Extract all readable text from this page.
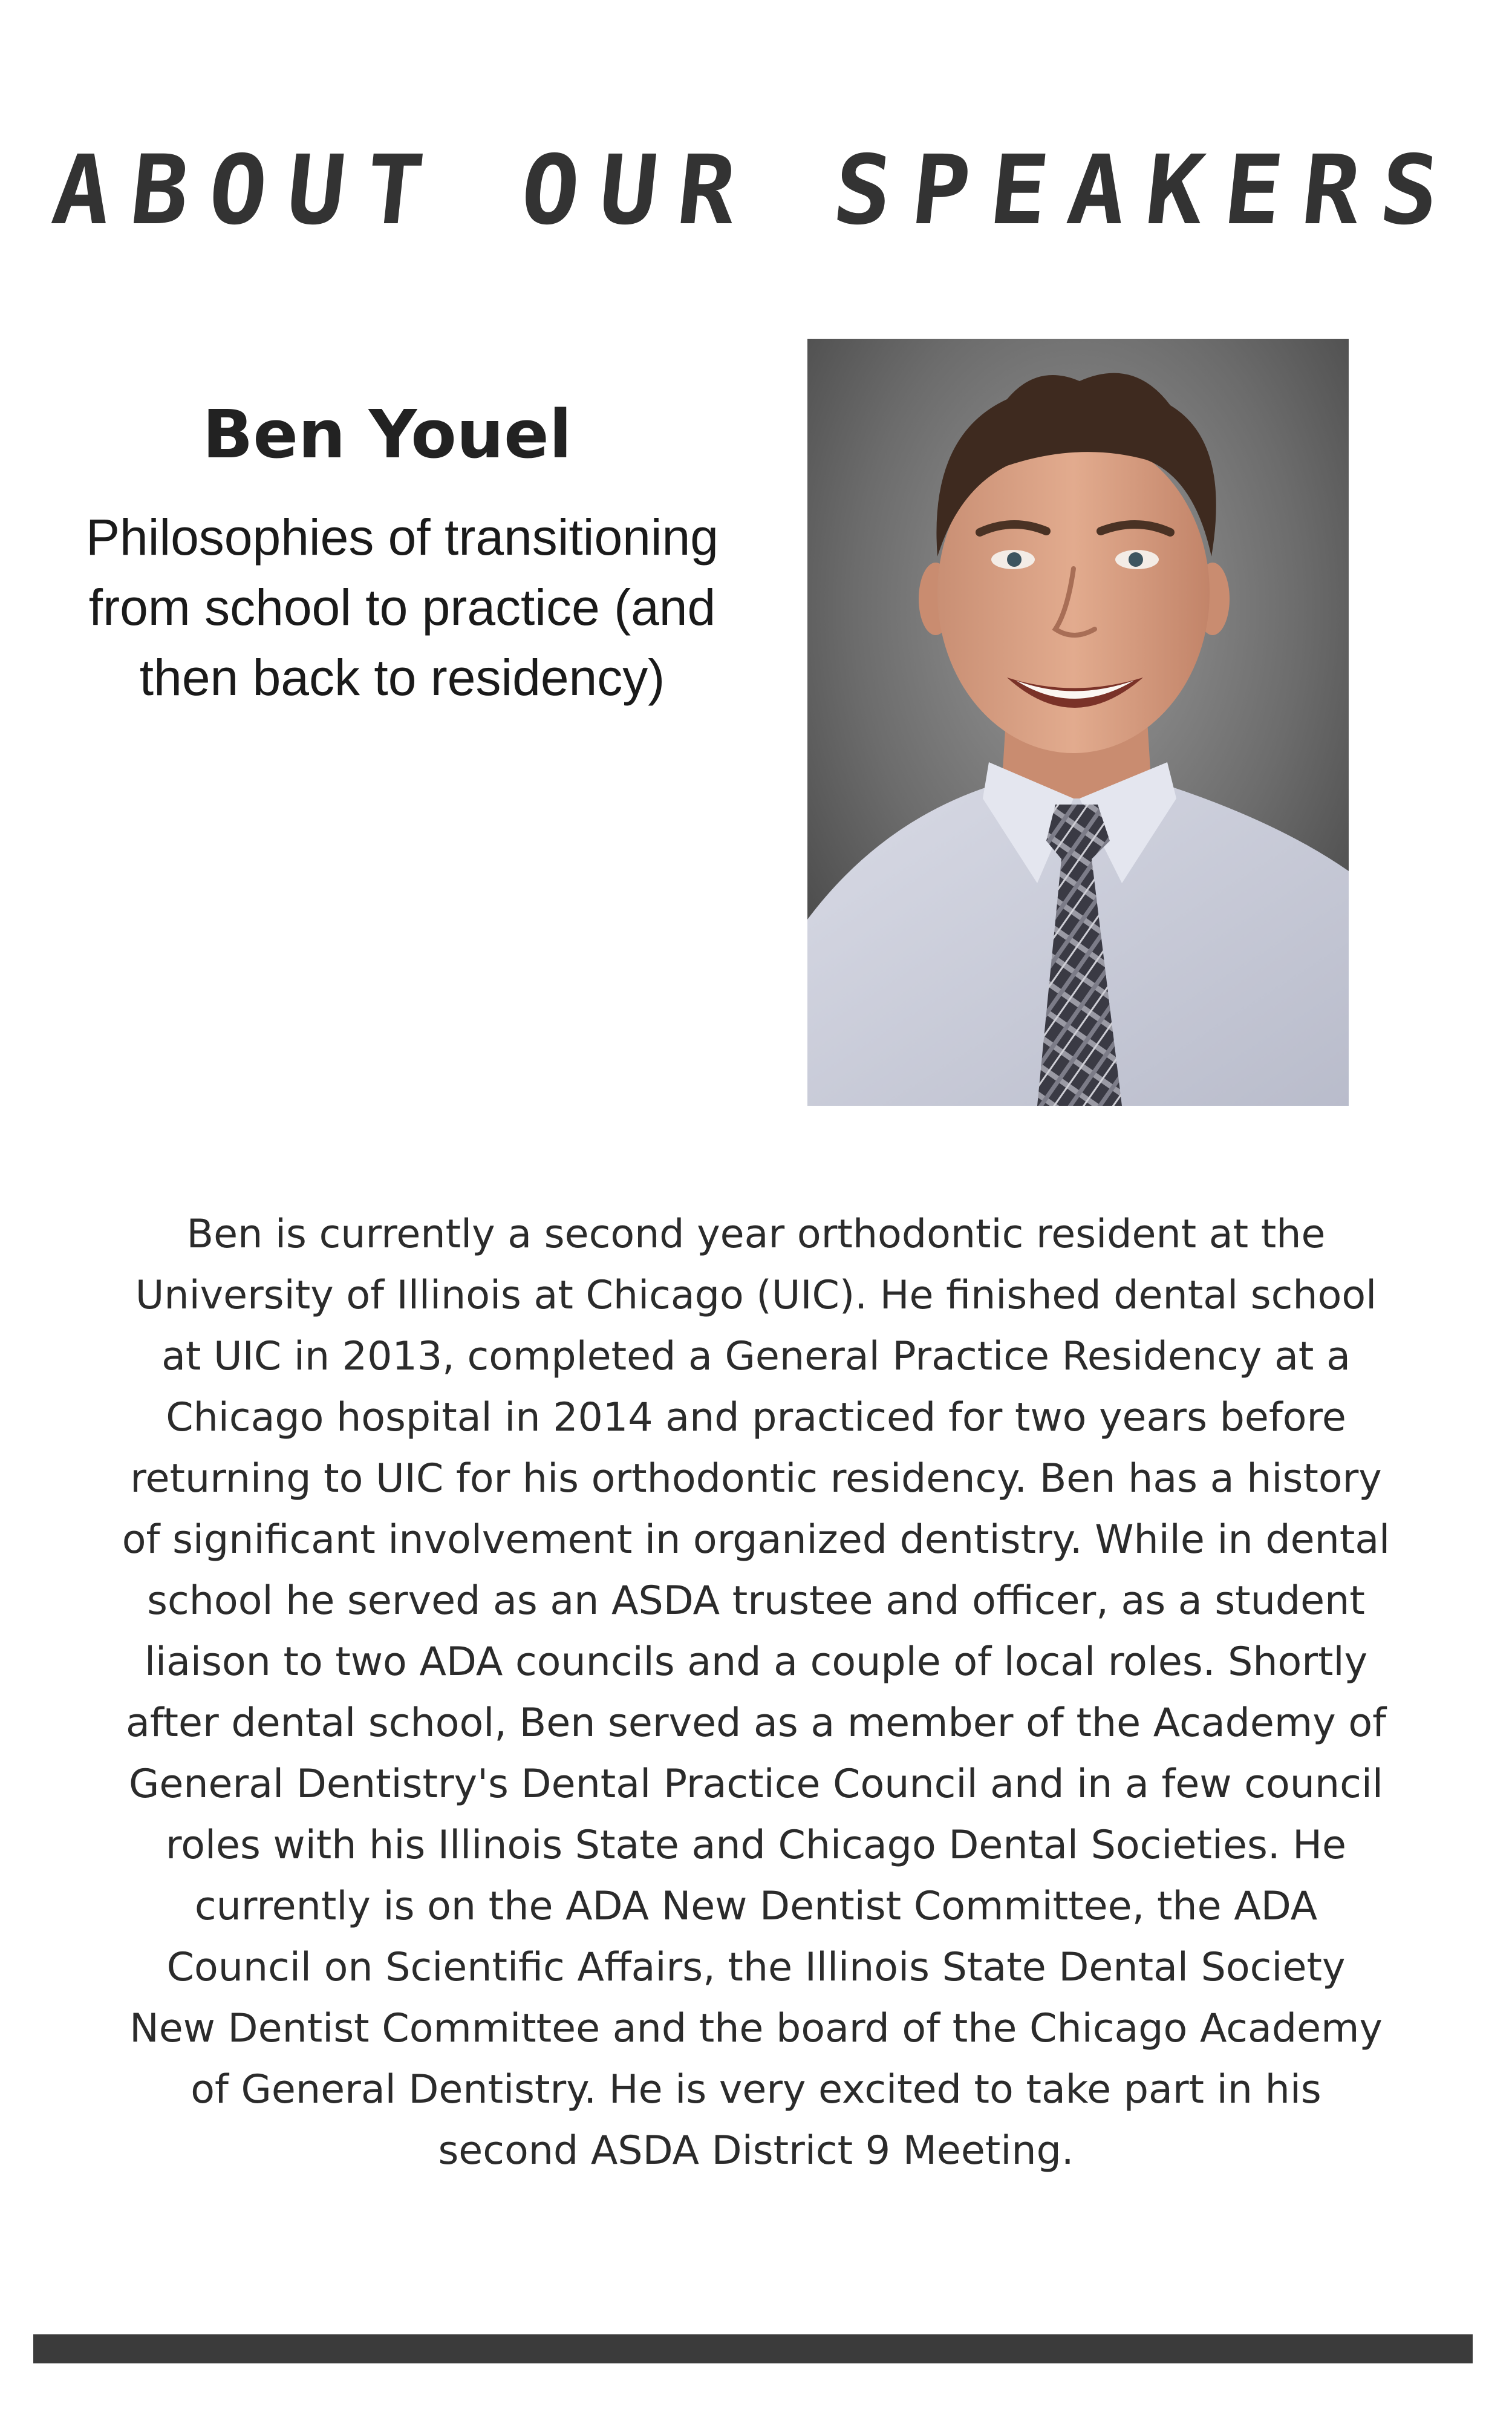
ABOUT OUR SPEAKERS
Ben Youel
Philosophies of transitioning from school to practice (and then back to residency)
Ben is currently a second year orthodontic resident at the University of Illinois at Chicago (UIC). He finished dental school at UIC in 2013, completed a General Practice Residency at a Chicago hospital in 2014 and practiced for two years before returning to UIC for his orthodontic residency. Ben has a history of significant involvement in organized dentistry. While in dental school he served as an ASDA trustee and officer, as a student liaison to two ADA councils and a couple of local roles. Shortly after dental school, Ben served as a member of the Academy of General Dentistry's Dental Practice Council and in a few council roles with his Illinois State and Chicago Dental Societies. He currently is on the ADA New Dentist Committee, the ADA Council on Scientific Affairs, the Illinois State Dental Society New Dentist Committee and the board of the Chicago Academy of General Dentistry. He is very excited to take part in his second ASDA District 9 Meeting.
